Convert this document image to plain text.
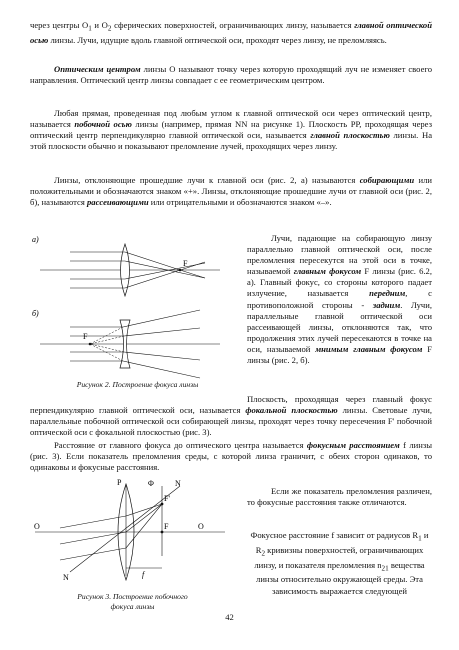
через центры $O_1$ и $O_2$ сферических поверхностей, ограничивающих линзу, называется главной оптической осью линзы. Лучи, идущие вдоль главной оптической оси, проходят через линзу, не преломляясь.

Оптическим центром линзы O называют точку через которую проходящий луч не изменяет своего направления. Оптический центр линзы совпадает с ее геометрическим центром.

Любая прямая, проведенная под любым углом к главной оптической оси через оптический центр, называется побочной осью линзы (например, прямая NN на рисунке 1). Плоскость PP, проходящая через оптический центр перпендикулярно главной оптической оси, называется главной плоскостью линзы. На этой плоскости обычно и показывают преломление лучей, проходящих через линзу.

Линзы, отклоняющие прошедшие лучи к главной оси (рис. 2, а) называются собирающими или положительными и обозначаются знаком «+». Линзы, отклоняющие прошедшие лучи от главной оси (рис. 2, б), называются рассеивающими или отрицательными и обозначаются знаком «–».

а)
F
б)
F
Рисунок 2. Построение фокуса линзы

Лучи, падающие на собирающую линзу параллельно главной оптической оси, после преломления пересекутся на этой оси в точке, называемой главным фокусом F линзы (рис. 6.2, а). Главный фокус, со стороны которого падает излучение, называется передним, с противоположной стороны - задним. Лучи, параллельные главной оптической оси рассеивающей линзы, отклоняются так, что продолжения этих лучей пересекаются в точке на оси, называемой мнимым главным фокусом F линзы (рис. 2, б).

Плоскость, проходящая через главный фокус перпендикулярно главной оптической оси, называется фокальной плоскостью линзы. Световые лучи, параллельные побочной оптической оси собирающей линзы, проходят через точку пересечения F' побочной оптической оси с фокальной плоскостью (рис. 3).

Расстояние от главного фокуса до оптического центра называется фокусным расстоянием f линзы (рис. 3). Если показатель преломления среды, с которой линза граничит, с обеих сторон одинаков, то одинаковы и фокусные расстояния.

P	Φ	N
F'
O	F	O
N	f
Рисунок 3. Построение побочного
фокуса линзы

Если же показатель преломления различен, то фокусные расстояния также отличаются.

Фокусное расстояние f зависит от радиусов $R_1$ и $R_2$ кривизны поверхностей, ограничивающих линзу, и показателя преломления $n_{21}$ вещества линзы относительно окружающей среды. Эта зависимость выражается следующей

42
